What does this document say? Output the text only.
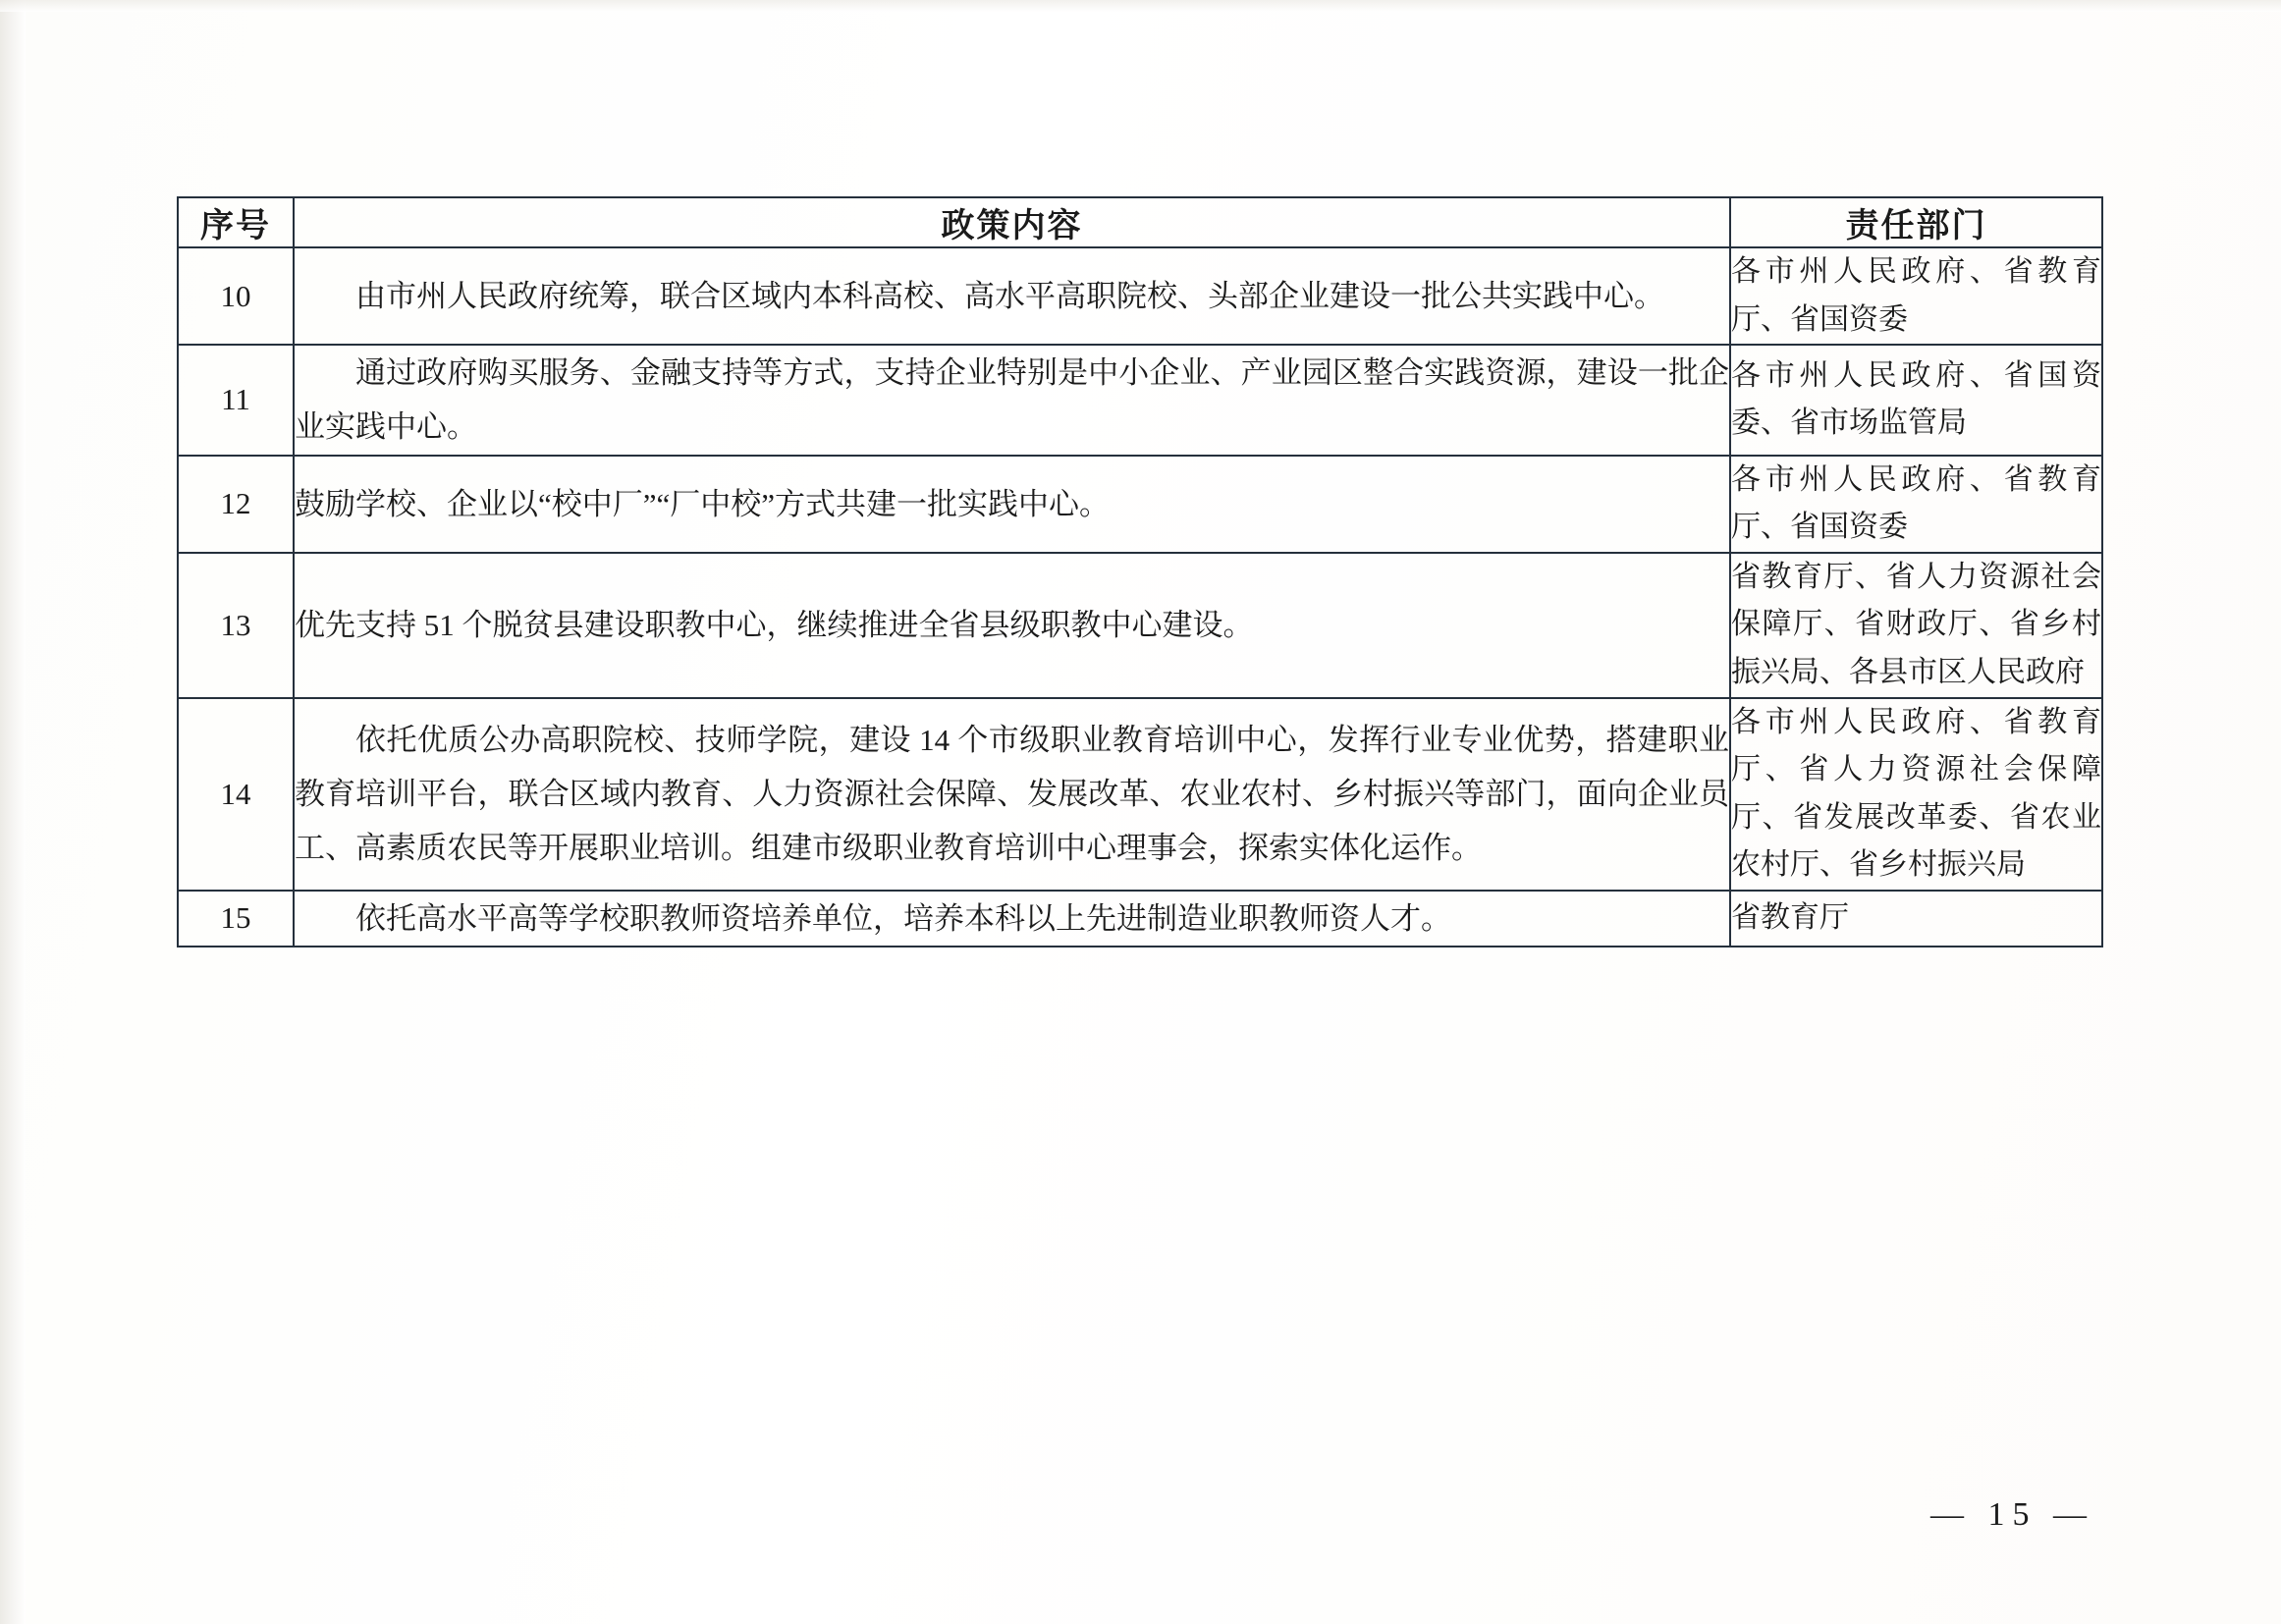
序号	政策内容	责任部门
10	由市州人民政府统筹，联合区域内本科高校、高水平高职院校、头部企业建设一批公共实践中心。	各市州人民政府、省教育厅、省国资委

11	通过政府购买服务、金融支持等方式，支持企业特别是中小企业、产业园区整合实践资源，建设一批企业实践中心。	各市州人民政府、省国资委、省市场监管局

12	鼓励学校、企业以“校中厂”“厂中校”方式共建一批实践中心。	各市州人民政府、省教育厅、省国资委

13	优先支持 51 个脱贫县建设职教中心，继续推进全省县级职教中心建设。	省教育厅、省人力资源社会保障厅、省财政厅、省乡村振兴局、各县市区人民政府

14	依托优质公办高职院校、技师学院，建设 14 个市级职业教育培训中心，发挥行业专业优势，搭建职业教育培训平台，联合区域内教育、人力资源社会保障、发展改革、农业农村、乡村振兴等部门，面向企业员工、高素质农民等开展职业培训。组建市级职业教育培训中心理事会，探索实体化运作。	各市州人民政府、省教育厅、省人力资源社会保障厅、省发展改革委、省农业农村厅、省乡村振兴局

15	依托高水平高等学校职教师资培养单位，培养本科以上先进制造业职教师资人才。	省教育厅

— 15 —
